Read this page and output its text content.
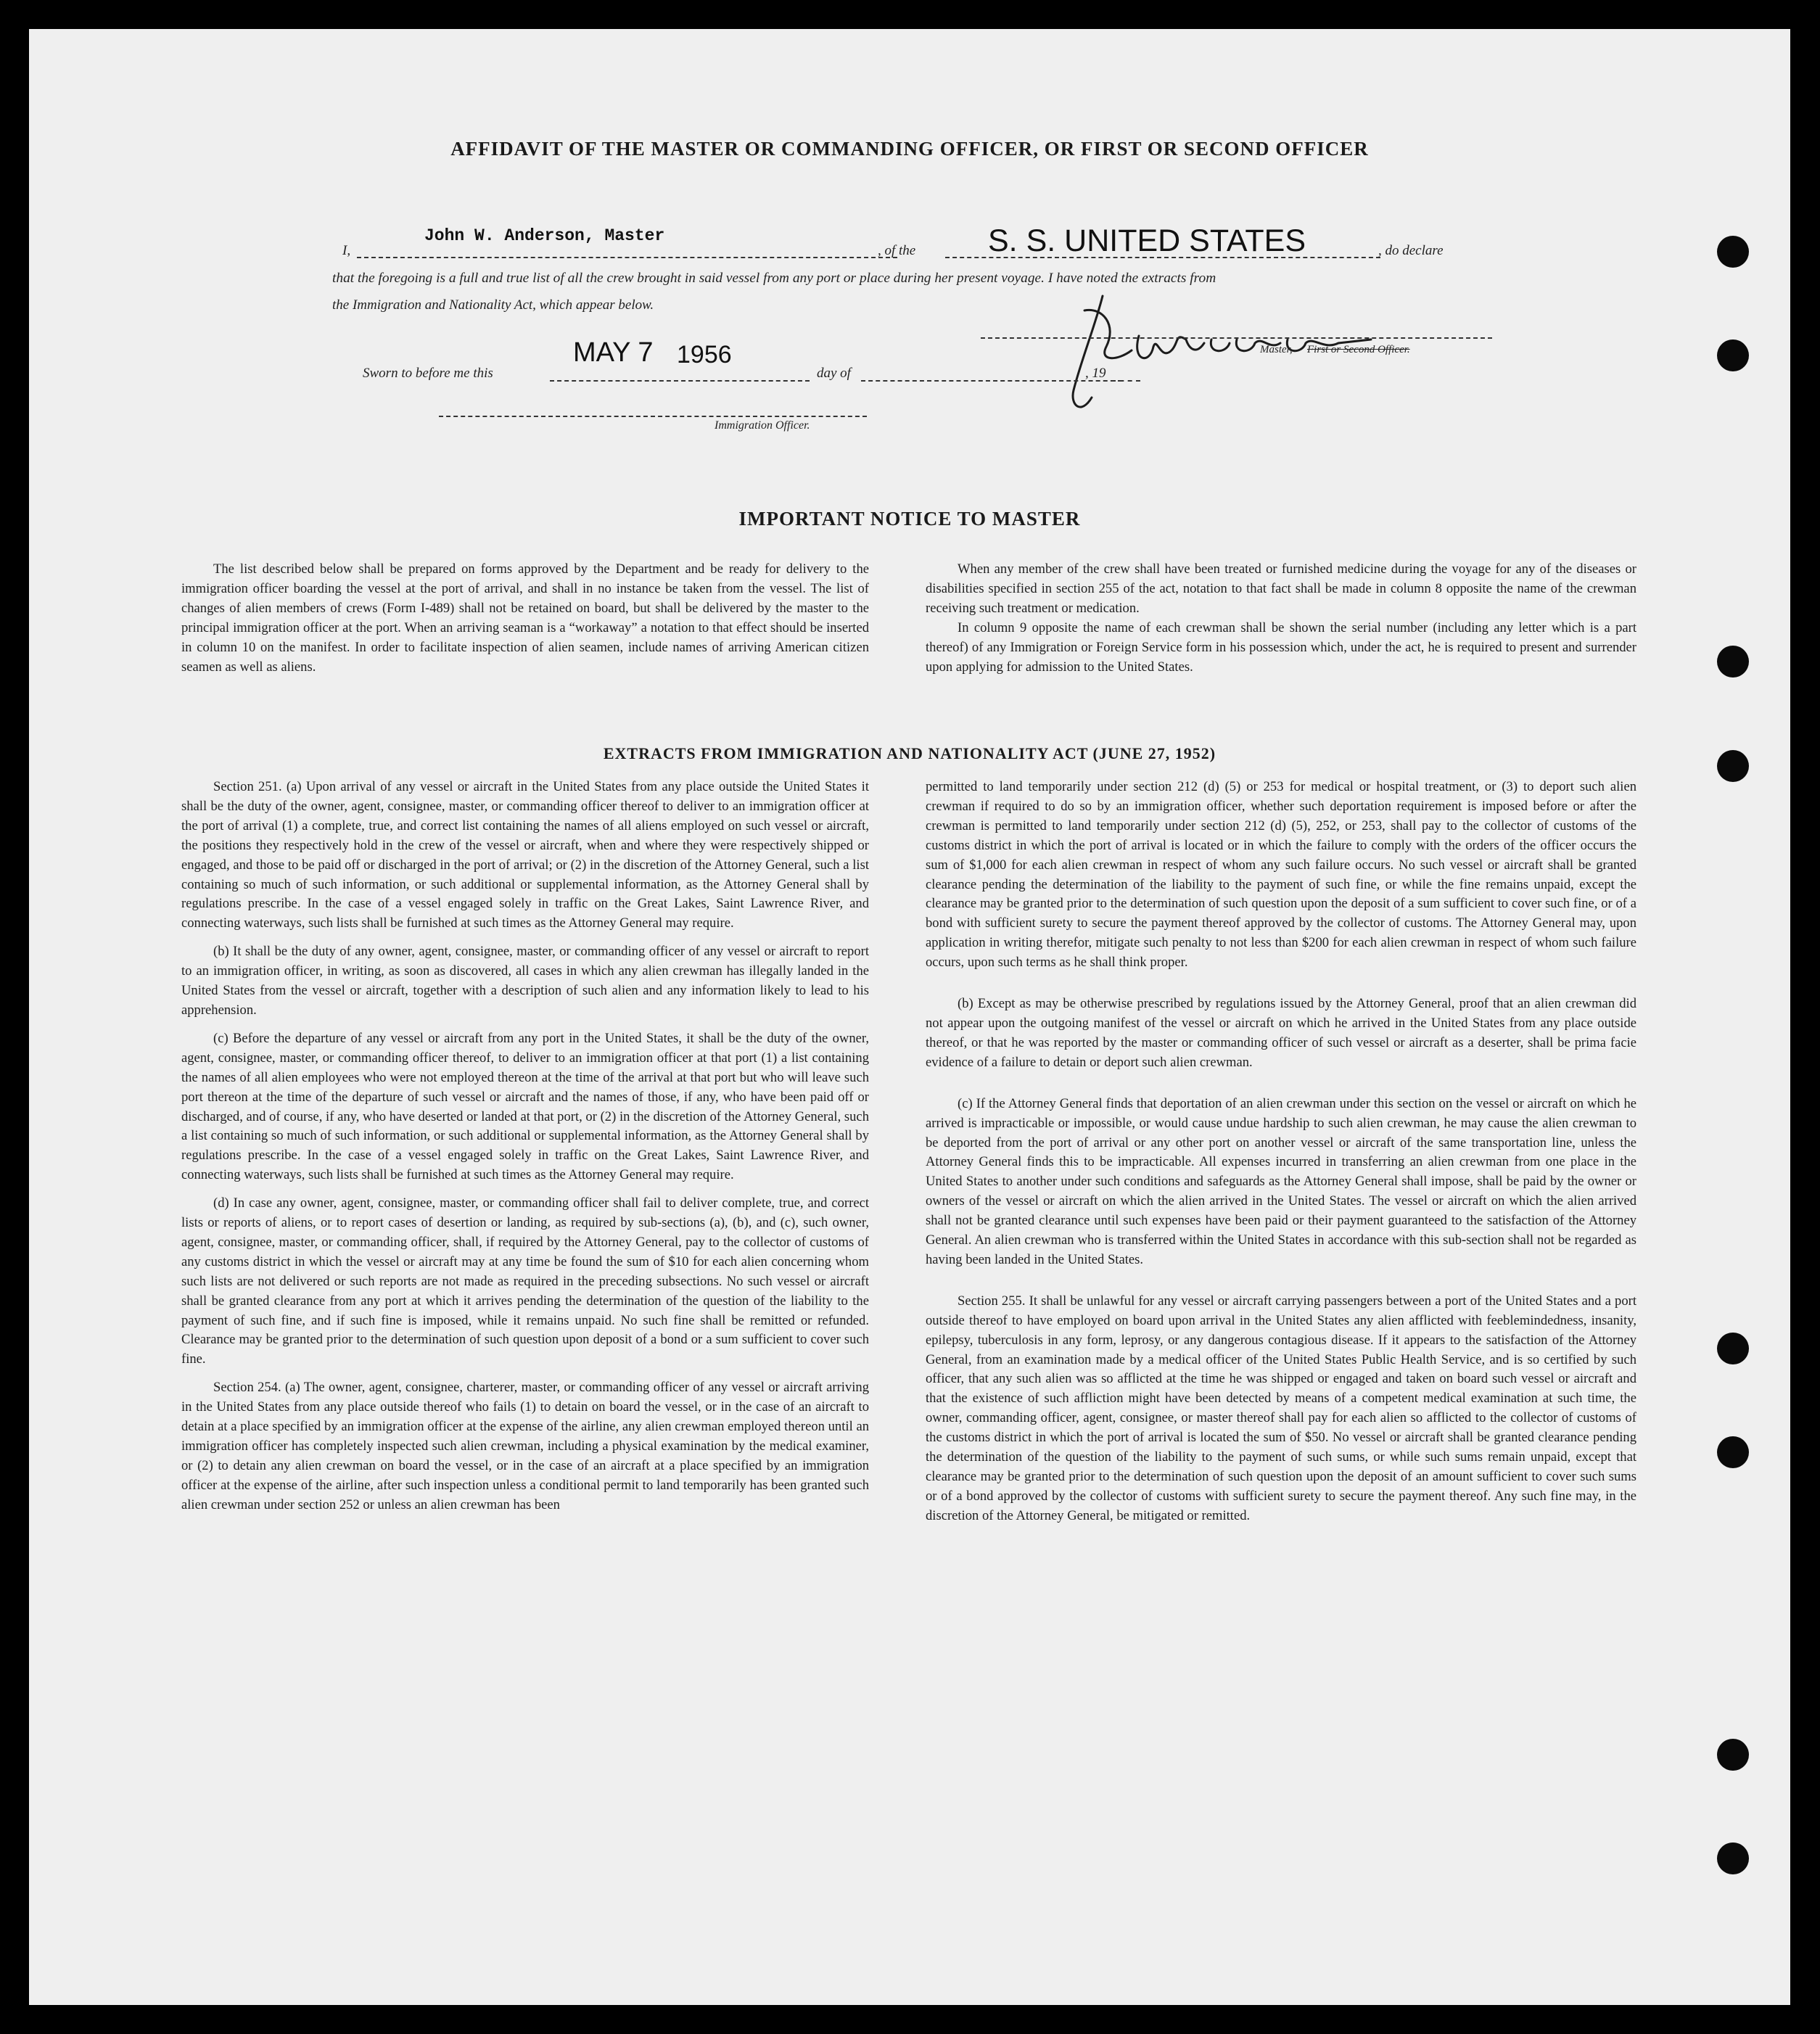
AFFIDAVIT OF THE MASTER OR COMMANDING OFFICER, OR FIRST OR SECOND OFFICER
I,
John W. Anderson, Master
, of the S. S. UNITED STATES	, do declare
that the foregoing is a full and true list of all the crew brought in said vessel from any port or place during her present voyage. I have noted the extracts from
the Immigration and Nationality Act, which appear below.
Master, First or Second Officer.
Sworn to before me this
MAY 7 1956
day of	, 19
Immigration Officer.
IMPORTANT NOTICE TO MASTER

The list described below shall be prepared on forms approved by the Department and be ready for delivery to the immigration officer boarding the vessel at the port of arrival, and shall in no instance be taken from the vessel. The list of changes of alien members of crews (Form I-489) shall not be retained on board, but shall be delivered by the master to the principal immigration officer at the port. When an arriving seaman is a “workaway” a notation to that effect should be inserted in column 10 on the manifest. In order to facilitate inspection of alien seamen, include names of arriving American citizen seamen as well as aliens.

When any member of the crew shall have been treated or furnished medicine during the voyage for any of the diseases or disabilities specified in section 255 of the act, notation to that fact shall be made in column 8 opposite the name of the crewman receiving such treatment or medication.

In column 9 opposite the name of each crewman shall be shown the serial number (including any letter which is a part thereof) of any Immigration or Foreign Service form in his possession which, under the act, he is required to present and surrender upon applying for admission to the United States.

EXTRACTS FROM IMMIGRATION AND NATIONALITY ACT (JUNE 27, 1952)

Section 251. (a) Upon arrival of any vessel or aircraft in the United States from any place outside the United States it shall be the duty of the owner, agent, consignee, master, or commanding officer thereof to deliver to an immigration officer at the port of arrival (1) a complete, true, and correct list containing the names of all aliens employed on such vessel or aircraft, the positions they respectively hold in the crew of the vessel or aircraft, when and where they were respectively shipped or engaged, and those to be paid off or discharged in the port of arrival; or (2) in the discretion of the Attorney General, such a list containing so much of such information, or such additional or supplemental information, as the Attorney General shall by regulations prescribe. In the case of a vessel engaged solely in traffic on the Great Lakes, Saint Lawrence River, and connecting waterways, such lists shall be furnished at such times as the Attorney General may require.

(b) It shall be the duty of any owner, agent, consignee, master, or commanding officer of any vessel or aircraft to report to an immigration officer, in writing, as soon as discovered, all cases in which any alien crewman has illegally landed in the United States from the vessel or aircraft, together with a description of such alien and any information likely to lead to his apprehension.

(c) Before the departure of any vessel or aircraft from any port in the United States, it shall be the duty of the owner, agent, consignee, master, or commanding officer thereof, to deliver to an immigration officer at that port (1) a list containing the names of all alien employees who were not employed thereon at the time of the arrival at that port but who will leave such port thereon at the time of the departure of such vessel or aircraft and the names of those, if any, who have been paid off or discharged, and of course, if any, who have deserted or landed at that port, or (2) in the discretion of the Attorney General, such a list containing so much of such information, or such additional or supplemental information, as the Attorney General shall by regulations prescribe. In the case of a vessel engaged solely in traffic on the Great Lakes, Saint Lawrence River, and connecting waterways, such lists shall be furnished at such times as the Attorney General may require.

(d) In case any owner, agent, consignee, master, or commanding officer shall fail to deliver complete, true, and correct lists or reports of aliens, or to report cases of desertion or landing, as required by sub-sections (a), (b), and (c), such owner, agent, consignee, master, or commanding officer, shall, if required by the Attorney General, pay to the collector of customs of any customs district in which the vessel or aircraft may at any time be found the sum of $10 for each alien concerning whom such lists are not delivered or such reports are not made as required in the preceding subsections. No such vessel or aircraft shall be granted clearance from any port at which it arrives pending the determination of the question of the liability to the payment of such fine, and if such fine is imposed, while it remains unpaid. No such fine shall be remitted or refunded. Clearance may be granted prior to the determination of such question upon deposit of a bond or a sum sufficient to cover such fine.

Section 254. (a) The owner, agent, consignee, charterer, master, or commanding officer of any vessel or aircraft arriving in the United States from any place outside thereof who fails (1) to detain on board the vessel, or in the case of an aircraft to detain at a place specified by an immigration officer at the expense of the airline, any alien crewman employed thereon until an immigration officer has completely inspected such alien crewman, including a physical examination by the medical examiner, or (2) to detain any alien crewman on board the vessel, or in the case of an aircraft at a place specified by an immigration officer at the expense of the airline, after such inspection unless a conditional permit to land temporarily has been granted such alien crewman under section 252 or unless an alien crewman has been

permitted to land temporarily under section 212 (d) (5) or 253 for medical or hospital treatment, or (3) to deport such alien crewman if required to do so by an immigration officer, whether such deportation requirement is imposed before or after the crewman is permitted to land temporarily under section 212 (d) (5), 252, or 253, shall pay to the collector of customs of the customs district in which the port of arrival is located or in which the failure to comply with the orders of the officer occurs the sum of $1,000 for each alien crewman in respect of whom any such failure occurs. No such vessel or aircraft shall be granted clearance pending the determination of the liability to the payment of such fine, or while the fine remains unpaid, except the clearance may be granted prior to the determination of such question upon the deposit of a sum sufficient to cover such fine, or of a bond with sufficient surety to secure the payment thereof approved by the collector of customs. The Attorney General may, upon application in writing therefor, mitigate such penalty to not less than $200 for each alien crewman in respect of whom such failure occurs, upon such terms as he shall think proper.

(b) Except as may be otherwise prescribed by regulations issued by the Attorney General, proof that an alien crewman did not appear upon the outgoing manifest of the vessel or aircraft on which he arrived in the United States from any place outside thereof, or that he was reported by the master or commanding officer of such vessel or aircraft as a deserter, shall be prima facie evidence of a failure to detain or deport such alien crewman.

(c) If the Attorney General finds that deportation of an alien crewman under this section on the vessel or aircraft on which he arrived is impracticable or impossible, or would cause undue hardship to such alien crewman, he may cause the alien crewman to be deported from the port of arrival or any other port on another vessel or aircraft of the same transportation line, unless the Attorney General finds this to be impracticable. All expenses incurred in transferring an alien crewman from one place in the United States to another under such conditions and safeguards as the Attorney General shall impose, shall be paid by the owner or owners of the vessel or aircraft on which the alien arrived in the United States. The vessel or aircraft on which the alien arrived shall not be granted clearance until such expenses have been paid or their payment guaranteed to the satisfaction of the Attorney General. An alien crewman who is transferred within the United States in accordance with this sub-section shall not be regarded as having been landed in the United States.

Section 255. It shall be unlawful for any vessel or aircraft carrying passengers between a port of the United States and a port outside thereof to have employed on board upon arrival in the United States any alien afflicted with feeblemindedness, insanity, epilepsy, tuberculosis in any form, leprosy, or any dangerous contagious disease. If it appears to the satisfaction of the Attorney General, from an examination made by a medical officer of the United States Public Health Service, and is so certified by such officer, that any such alien was so afflicted at the time he was shipped or engaged and taken on board such vessel or aircraft and that the existence of such affliction might have been detected by means of a competent medical examination at such time, the owner, commanding officer, agent, consignee, or master thereof shall pay for each alien so afflicted to the collector of customs of the customs district in which the port of arrival is located the sum of $50. No vessel or aircraft shall be granted clearance pending the determination of the question of the liability to the payment of such sums, or while such sums remain unpaid, except that clearance may be granted prior to the determination of such question upon the deposit of an amount sufficient to cover such sums or of a bond approved by the collector of customs with sufficient surety to secure the payment thereof. Any such fine may, in the discretion of the Attorney General, be mitigated or remitted.
